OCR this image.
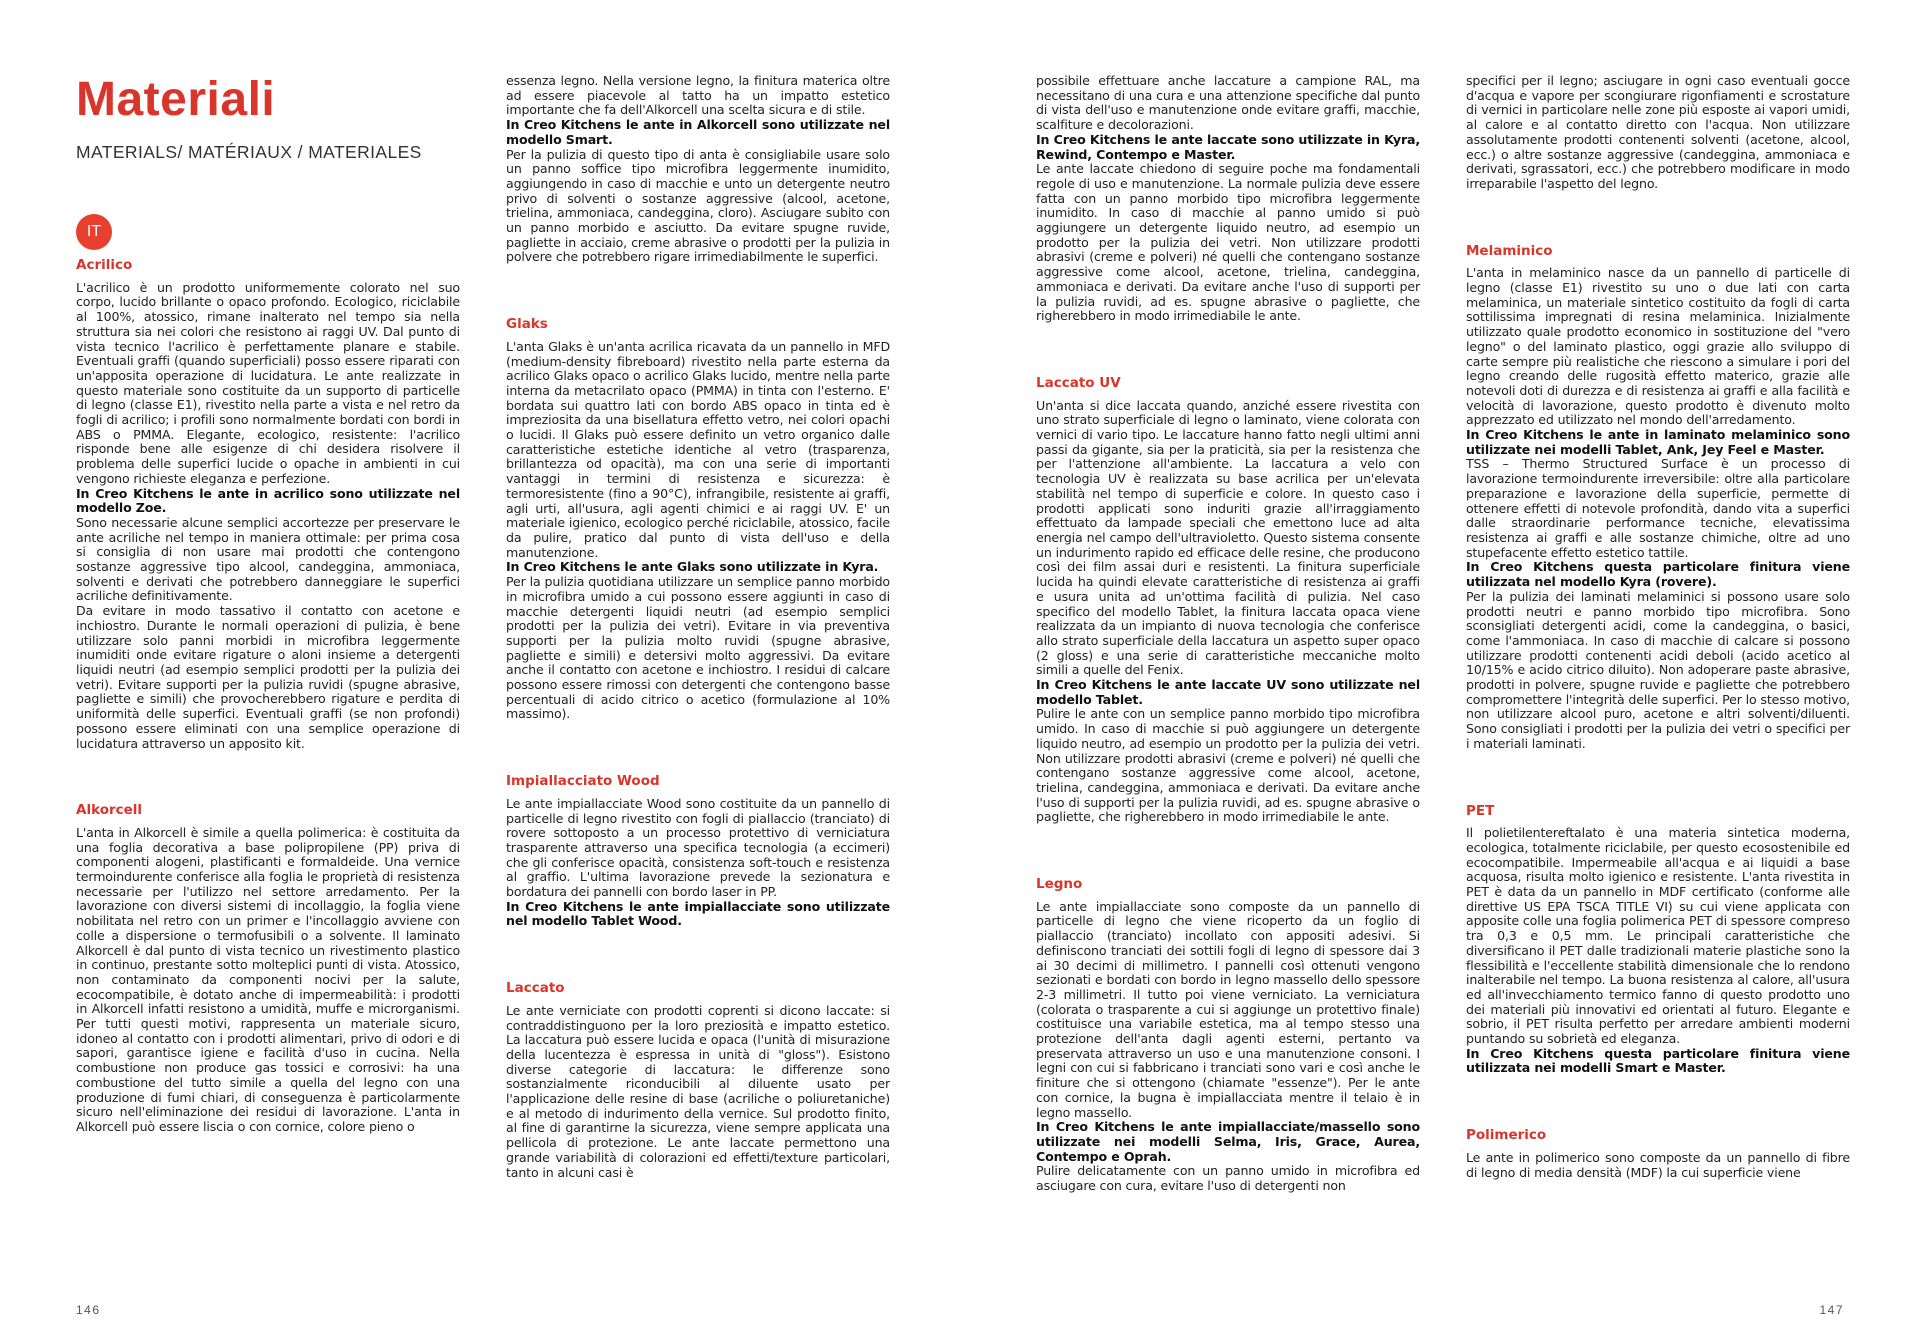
Materiali
MATERIALS/ MATÉRIAUX / MATERIALES
IT
Acrilico

L'acrilico è un prodotto uniformemente colorato nel suo corpo, lucido brillante o opaco profondo. Ecologico, riciclabile al 100%, atossico, rimane inalterato nel tempo sia nella struttura sia nei colori che resistono ai raggi UV. Dal punto di vista tecnico l'acrilico è perfettamente planare e stabile. Eventuali graffi (quando superficiali) posso essere riparati con un'apposita operazione di lucidatura. Le ante realizzate in questo materiale sono costituite da un supporto di particelle di legno (classe E1), rivestito nella parte a vista e nel retro da fogli di acrilico; i profili sono normalmente bordati con bordi in ABS o PMMA. Elegante, ecologico, resistente: l'acrilico risponde bene alle esigenze di chi desidera risolvere il problema delle superfici lucide o opache in ambienti in cui vengono richieste eleganza e perfezione.

In Creo Kitchens le ante in acrilico sono utilizzate nel modello Zoe.

Sono necessarie alcune semplici accortezze per preservare le ante acriliche nel tempo in maniera ottimale: per prima cosa si consiglia di non usare mai prodotti che contengono sostanze aggressive tipo alcool, candeggina, ammoniaca, solventi e derivati che potrebbero danneggiare le superfici acriliche definitivamente.

Da evitare in modo tassativo il contatto con acetone e inchiostro. Durante le normali operazioni di pulizia, è bene utilizzare solo panni morbidi in microfibra leggermente inumiditi onde evitare rigature o aloni insieme a detergenti liquidi neutri (ad esempio semplici prodotti per la pulizia dei vetri). Evitare supporti per la pulizia ruvidi (spugne abrasive, pagliette e simili) che provocherebbero rigature e perdita di uniformità delle superfici. Eventuali graffi (se non profondi) possono essere eliminati con una semplice operazione di lucidatura attraverso un apposito kit.

Alkorcell

L'anta in Alkorcell è simile a quella polimerica: è costituita da una foglia decorativa a base polipropilene (PP) priva di componenti alogeni, plastificanti e formaldeide. Una vernice termoindurente conferisce alla foglia le proprietà di resistenza necessarie per l'utilizzo nel settore arredamento. Per la lavorazione con diversi sistemi di incollaggio, la foglia viene nobilitata nel retro con un primer e l'incollaggio avviene con colle a dispersione o termofusibili o a solvente. Il laminato Alkorcell è dal punto di vista tecnico un rivestimento plastico in continuo, prestante sotto molteplici punti di vista. Atossico, non contaminato da componenti nocivi per la salute, ecocompatibile, è dotato anche di impermeabilità: i prodotti in Alkorcell infatti resistono a umidità, muffe e microrganismi. Per tutti questi motivi, rappresenta un materiale sicuro, idoneo al contatto con i prodotti alimentari, privo di odori e di sapori, garantisce igiene e facilità d'uso in cucina. Nella combustione non produce gas tossici e corrosivi: ha una combustione del tutto simile a quella del legno con una produzione di fumi chiari, di conseguenza è particolarmente sicuro nell'eliminazione dei residui di lavorazione. L'anta in Alkorcell può essere liscia o con cornice, colore pieno o

essenza legno. Nella versione legno, la finitura materica oltre ad essere piacevole al tatto ha un impatto estetico importante che fa dell'Alkorcell una scelta sicura e di stile.

In Creo Kitchens le ante in Alkorcell sono utilizzate nel modello Smart.

Per la pulizia di questo tipo di anta è consigliabile usare solo un panno soffice tipo microfibra leggermente inumidito, aggiungendo in caso di macchie e unto un detergente neutro privo di solventi o sostanze aggressive (alcool, acetone, trielina, ammoniaca, candeggina, cloro). Asciugare subito con un panno morbido e asciutto. Da evitare spugne ruvide, pagliette in acciaio, creme abrasive o prodotti per la pulizia in polvere che potrebbero rigare irrimediabilmente le superfici.

Glaks

L'anta Glaks è un'anta acrilica ricavata da un pannello in MFD (medium-density fibreboard) rivestito nella parte esterna da acrilico Glaks opaco o acrilico Glaks lucido, mentre nella parte interna da metacrilato opaco (PMMA) in tinta con l'esterno. E' bordata sui quattro lati con bordo ABS opaco in tinta ed è impreziosita da una bisellatura effetto vetro, nei colori opachi o lucidi. Il Glaks può essere definito un vetro organico dalle caratteristiche estetiche identiche al vetro (trasparenza, brillantezza od opacità), ma con una serie di importanti vantaggi in termini di resistenza e sicurezza: è termoresistente (fino a 90°C), infrangibile, resistente ai graffi, agli urti, all'usura, agli agenti chimici e ai raggi UV. E' un materiale igienico, ecologico perché riciclabile, atossico, facile da pulire, pratico dal punto di vista dell'uso e della manutenzione.

In Creo Kitchens le ante Glaks sono utilizzate in Kyra.

Per la pulizia quotidiana utilizzare un semplice panno morbido in microfibra umido a cui possono essere aggiunti in caso di macchie detergenti liquidi neutri (ad esempio semplici prodotti per la pulizia dei vetri). Evitare in via preventiva supporti per la pulizia molto ruvidi (spugne abrasive, pagliette e simili) e detersivi molto aggressivi. Da evitare anche il contatto con acetone e inchiostro. I residui di calcare possono essere rimossi con detergenti che contengono basse percentuali di acido citrico o acetico (formulazione al 10% massimo).

Impiallacciato Wood

Le ante impiallacciate Wood sono costituite da un pannello di particelle di legno rivestito con fogli di piallaccio (tranciato) di rovere sottoposto a un processo protettivo di verniciatura trasparente attraverso una specifica tecnologia (a eccimeri) che gli conferisce opacità, consistenza soft-touch e resistenza al graffio. L'ultima lavorazione prevede la sezionatura e bordatura dei pannelli con bordo laser in PP.

In Creo Kitchens le ante impiallacciate sono utilizzate nel modello Tablet Wood.

Laccato

Le ante verniciate con prodotti coprenti si dicono laccate: si contraddistinguono per la loro preziosità e impatto estetico. La laccatura può essere lucida e opaca (l'unità di misurazione della lucentezza è espressa in unità di "gloss"). Esistono diverse categorie di laccatura: le differenze sono sostanzialmente riconducibili al diluente usato per l'applicazione delle resine di base (acriliche o poliuretaniche) e al metodo di indurimento della vernice. Sul prodotto finito, al fine di garantirne la sicurezza, viene sempre applicata una pellicola di protezione. Le ante laccate permettono una grande variabilità di colorazioni ed effetti/texture particolari, tanto in alcuni casi è

possibile effettuare anche laccature a campione RAL, ma necessitano di una cura e una attenzione specifiche dal punto di vista dell'uso e manutenzione onde evitare graffi, macchie, scalfiture e decolorazioni.

In Creo Kitchens le ante laccate sono utilizzate in Kyra, Rewind, Contempo e Master.

Le ante laccate chiedono di seguire poche ma fondamentali regole di uso e manutenzione. La normale pulizia deve essere fatta con un panno morbido tipo microfibra leggermente inumidito. In caso di macchie al panno umido si può aggiungere un detergente liquido neutro, ad esempio un prodotto per la pulizia dei vetri. Non utilizzare prodotti abrasivi (creme e polveri) né quelli che contengano sostanze aggressive come alcool, acetone, trielina, candeggina, ammoniaca e derivati. Da evitare anche l'uso di supporti per la pulizia ruvidi, ad es. spugne abrasive o pagliette, che righerebbero in modo irrimediabile le ante.

Laccato UV

Un'anta si dice laccata quando, anziché essere rivestita con uno strato superficiale di legno o laminato, viene colorata con vernici di vario tipo. Le laccature hanno fatto negli ultimi anni passi da gigante, sia per la praticità, sia per la resistenza che per l'attenzione all'ambiente. La laccatura a velo con tecnologia UV è realizzata su base acrilica per un'elevata stabilità nel tempo di superficie e colore. In questo caso i prodotti applicati sono induriti grazie all'irraggiamento effettuato da lampade speciali che emettono luce ad alta energia nel campo dell'ultravioletto. Questo sistema consente un indurimento rapido ed efficace delle resine, che producono così dei film assai duri e resistenti. La finitura superficiale lucida ha quindi elevate caratteristiche di resistenza ai graffi e usura unita ad un'ottima facilità di pulizia. Nel caso specifico del modello Tablet, la finitura laccata opaca viene realizzata da un impianto di nuova tecnologia che conferisce allo strato superficiale della laccatura un aspetto super opaco (2 gloss) e una serie di caratteristiche meccaniche molto simili a quelle del Fenix.

In Creo Kitchens le ante laccate UV sono utilizzate nel modello Tablet.

Pulire le ante con un semplice panno morbido tipo microfibra umido. In caso di macchie si può aggiungere un detergente liquido neutro, ad esempio un prodotto per la pulizia dei vetri. Non utilizzare prodotti abrasivi (creme e polveri) né quelli che contengano sostanze aggressive come alcool, acetone, trielina, candeggina, ammoniaca e derivati. Da evitare anche l'uso di supporti per la pulizia ruvidi, ad es. spugne abrasive o pagliette, che righerebbero in modo irrimediabile le ante.

Legno

Le ante impiallacciate sono composte da un pannello di particelle di legno che viene ricoperto da un foglio di piallaccio (tranciato) incollato con appositi adesivi. Si definiscono tranciati dei sottili fogli di legno di spessore dai 3 ai 30 decimi di millimetro. I pannelli così ottenuti vengono sezionati e bordati con bordo in legno massello dello spessore 2-3 millimetri. Il tutto poi viene verniciato. La verniciatura (colorata o trasparente a cui si aggiunge un protettivo finale) costituisce una variabile estetica, ma al tempo stesso una protezione dell'anta dagli agenti esterni, pertanto va preservata attraverso un uso e una manutenzione consoni. I legni con cui si fabbricano i tranciati sono vari e così anche le finiture che si ottengono (chiamate "essenze"). Per le ante con cornice, la bugna è impiallacciata mentre il telaio è in legno massello.

In Creo Kitchens le ante impiallacciate/massello sono utilizzate nei modelli Selma, Iris, Grace, Aurea, Contempo e Oprah.

Pulire delicatamente con un panno umido in microfibra ed asciugare con cura, evitare l'uso di detergenti non

specifici per il legno; asciugare in ogni caso eventuali gocce d'acqua e vapore per scongiurare rigonfiamenti e scrostature di vernici in particolare nelle zone più esposte ai vapori umidi, al calore e al contatto diretto con l'acqua. Non utilizzare assolutamente prodotti contenenti solventi (acetone, alcool, ecc.) o altre sostanze aggressive (candeggina, ammoniaca e derivati, sgrassatori, ecc.) che potrebbero modificare in modo irreparabile l'aspetto del legno.

Melaminico

L'anta in melaminico nasce da un pannello di particelle di legno (classe E1) rivestito su uno o due lati con carta melaminica, un materiale sintetico costituito da fogli di carta sottilissima impregnati di resina melaminica. Inizialmente utilizzato quale prodotto economico in sostituzione del "vero legno" o del laminato plastico, oggi grazie allo sviluppo di carte sempre più realistiche che riescono a simulare i pori del legno creando delle rugosità effetto materico, grazie alle notevoli doti di durezza e di resistenza ai graffi e alla facilità e velocità di lavorazione, questo prodotto è divenuto molto apprezzato ed utilizzato nel mondo dell'arredamento.

In Creo Kitchens le ante in laminato melaminico sono utilizzate nei modelli Tablet, Ank, Jey Feel e Master.

TSS – Thermo Structured Surface è un processo di lavorazione termoindurente irreversibile: oltre alla particolare preparazione e lavorazione della superficie, permette di ottenere effetti di notevole profondità, dando vita a superfici dalle straordinarie performance tecniche, elevatissima resistenza ai graffi e alle sostanze chimiche, oltre ad uno stupefacente effetto estetico tattile.

In Creo Kitchens questa particolare finitura viene utilizzata nel modello Kyra (rovere).

Per la pulizia dei laminati melaminici si possono usare solo prodotti neutri e panno morbido tipo microfibra. Sono sconsigliati detergenti acidi, come la candeggina, o basici, come l'ammoniaca. In caso di macchie di calcare si possono utilizzare prodotti contenenti acidi deboli (acido acetico al 10/15% e acido citrico diluito). Non adoperare paste abrasive, prodotti in polvere, spugne ruvide e pagliette che potrebbero compromettere l'integrità delle superfici. Per lo stesso motivo, non utilizzare alcool puro, acetone e altri solventi/diluenti. Sono consigliati i prodotti per la pulizia dei vetri o specifici per i materiali laminati.

PET

Il polietilentereftalato è una materia sintetica moderna, ecologica, totalmente riciclabile, per questo ecosostenibile ed ecocompatibile. Impermeabile all'acqua e ai liquidi a base acquosa, risulta molto igienico e resistente. L'anta rivestita in PET è data da un pannello in MDF certificato (conforme alle direttive US EPA TSCA TITLE VI) su cui viene applicata con apposite colle una foglia polimerica PET di spessore compreso tra 0,3 e 0,5 mm. Le principali caratteristiche che diversificano il PET dalle tradizionali materie plastiche sono la flessibilità e l'eccellente stabilità dimensionale che lo rendono inalterabile nel tempo. La buona resistenza al calore, all'usura ed all'invecchiamento termico fanno di questo prodotto uno dei materiali più innovativi ed orientati al futuro. Elegante e sobrio, il PET risulta perfetto per arredare ambienti moderni puntando su sobrietà ed eleganza.

In Creo Kitchens questa particolare finitura viene utilizzata nei modelli Smart e Master.

Polimerico

Le ante in polimerico sono composte da un pannello di fibre di legno di media densità (MDF) la cui superficie viene

146	147
